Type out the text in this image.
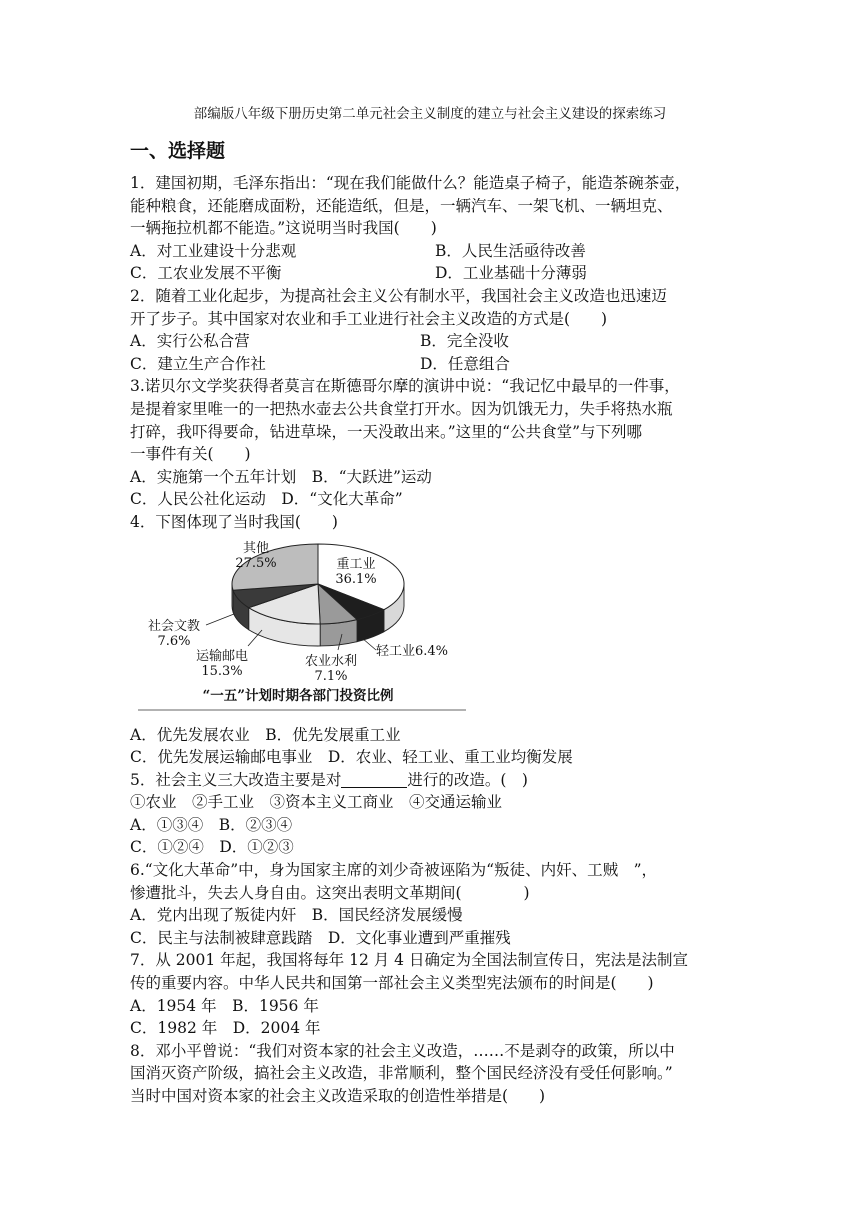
部编版八年级下册历史第二单元社会主义制度的建立与社会主义建设的探索练习
一、选择题

1．建国初期，毛泽东指出：“现在我们能做什么？能造桌子椅子，能造茶碗茶壶，

能种粮食，还能磨成面粉，还能造纸，但是，一辆汽车、一架飞机、一辆坦克、

一辆拖拉机都不能造。”这说明当时我国(　　)

A．对工业建设十分悲观	B．人民生活亟待改善
C．工农业发展不平衡	D．工业基础十分薄弱

2．随着工业化起步，为提高社会主义公有制水平，我国社会主义改造也迅速迈

开了步子。其中国家对农业和手工业进行社会主义改造的方式是(　　)

A．实行公私合营	B．完全没收
C．建立生产合作社	D．任意组合

3.诺贝尔文学奖获得者莫言在斯德哥尔摩的演讲中说：“我记忆中最早的一件事，

是提着家里唯一的一把热水壶去公共食堂打开水。因为饥饿无力，失手将热水瓶

打碎，我吓得要命，钻进草垛，一天没敢出来。”这里的“公共食堂”与下列哪

一事件有关(　　)

A．实施第一个五年计划　B．“大跃进”运动

C．人民公社化运动　D．“文化大革命”

4．下图体现了当时我国(　　)

重工业
36.1%
轻工业6.4%
农业水利
7.1%
运输邮电
15.3%
社会文教
7.6%
其他
27.5%
“一五”计划时期各部门投资比例

A．优先发展农业　B．优先发展重工业

C．优先发展运输邮电事业　D．农业、轻工业、重工业均衡发展

5．社会主义三大改造主要是对	进行的改造。(　)

①农业　②手工业　③资本主义工商业　④交通运输业

A．①③④　B．②③④

C．①②④　D．①②③

6.“文化大革命”中，身为国家主席的刘少奇被诬陷为“叛徒、内奸、工贼　”，

惨遭批斗，失去人身自由。这突出表明文革期间(　　　　)

A．党内出现了叛徒内奸　B．国民经济发展缓慢

C．民主与法制被肆意践踏　D．文化事业遭到严重摧残

7．从 2001 年起，我国将每年 12 月 4 日确定为全国法制宣传日，宪法是法制宣

传的重要内容。中华人民共和国第一部社会主义类型宪法颁布的时间是(　　)

A．1954 年　B．1956 年

C．1982 年　D．2004 年

8．邓小平曾说：“我们对资本家的社会主义改造，……不是剥夺的政策，所以中

国消灭资产阶级，搞社会主义改造，非常顺利，整个国民经济没有受任何影响。”

当时中国对资本家的社会主义改造采取的创造性举措是(　　)
